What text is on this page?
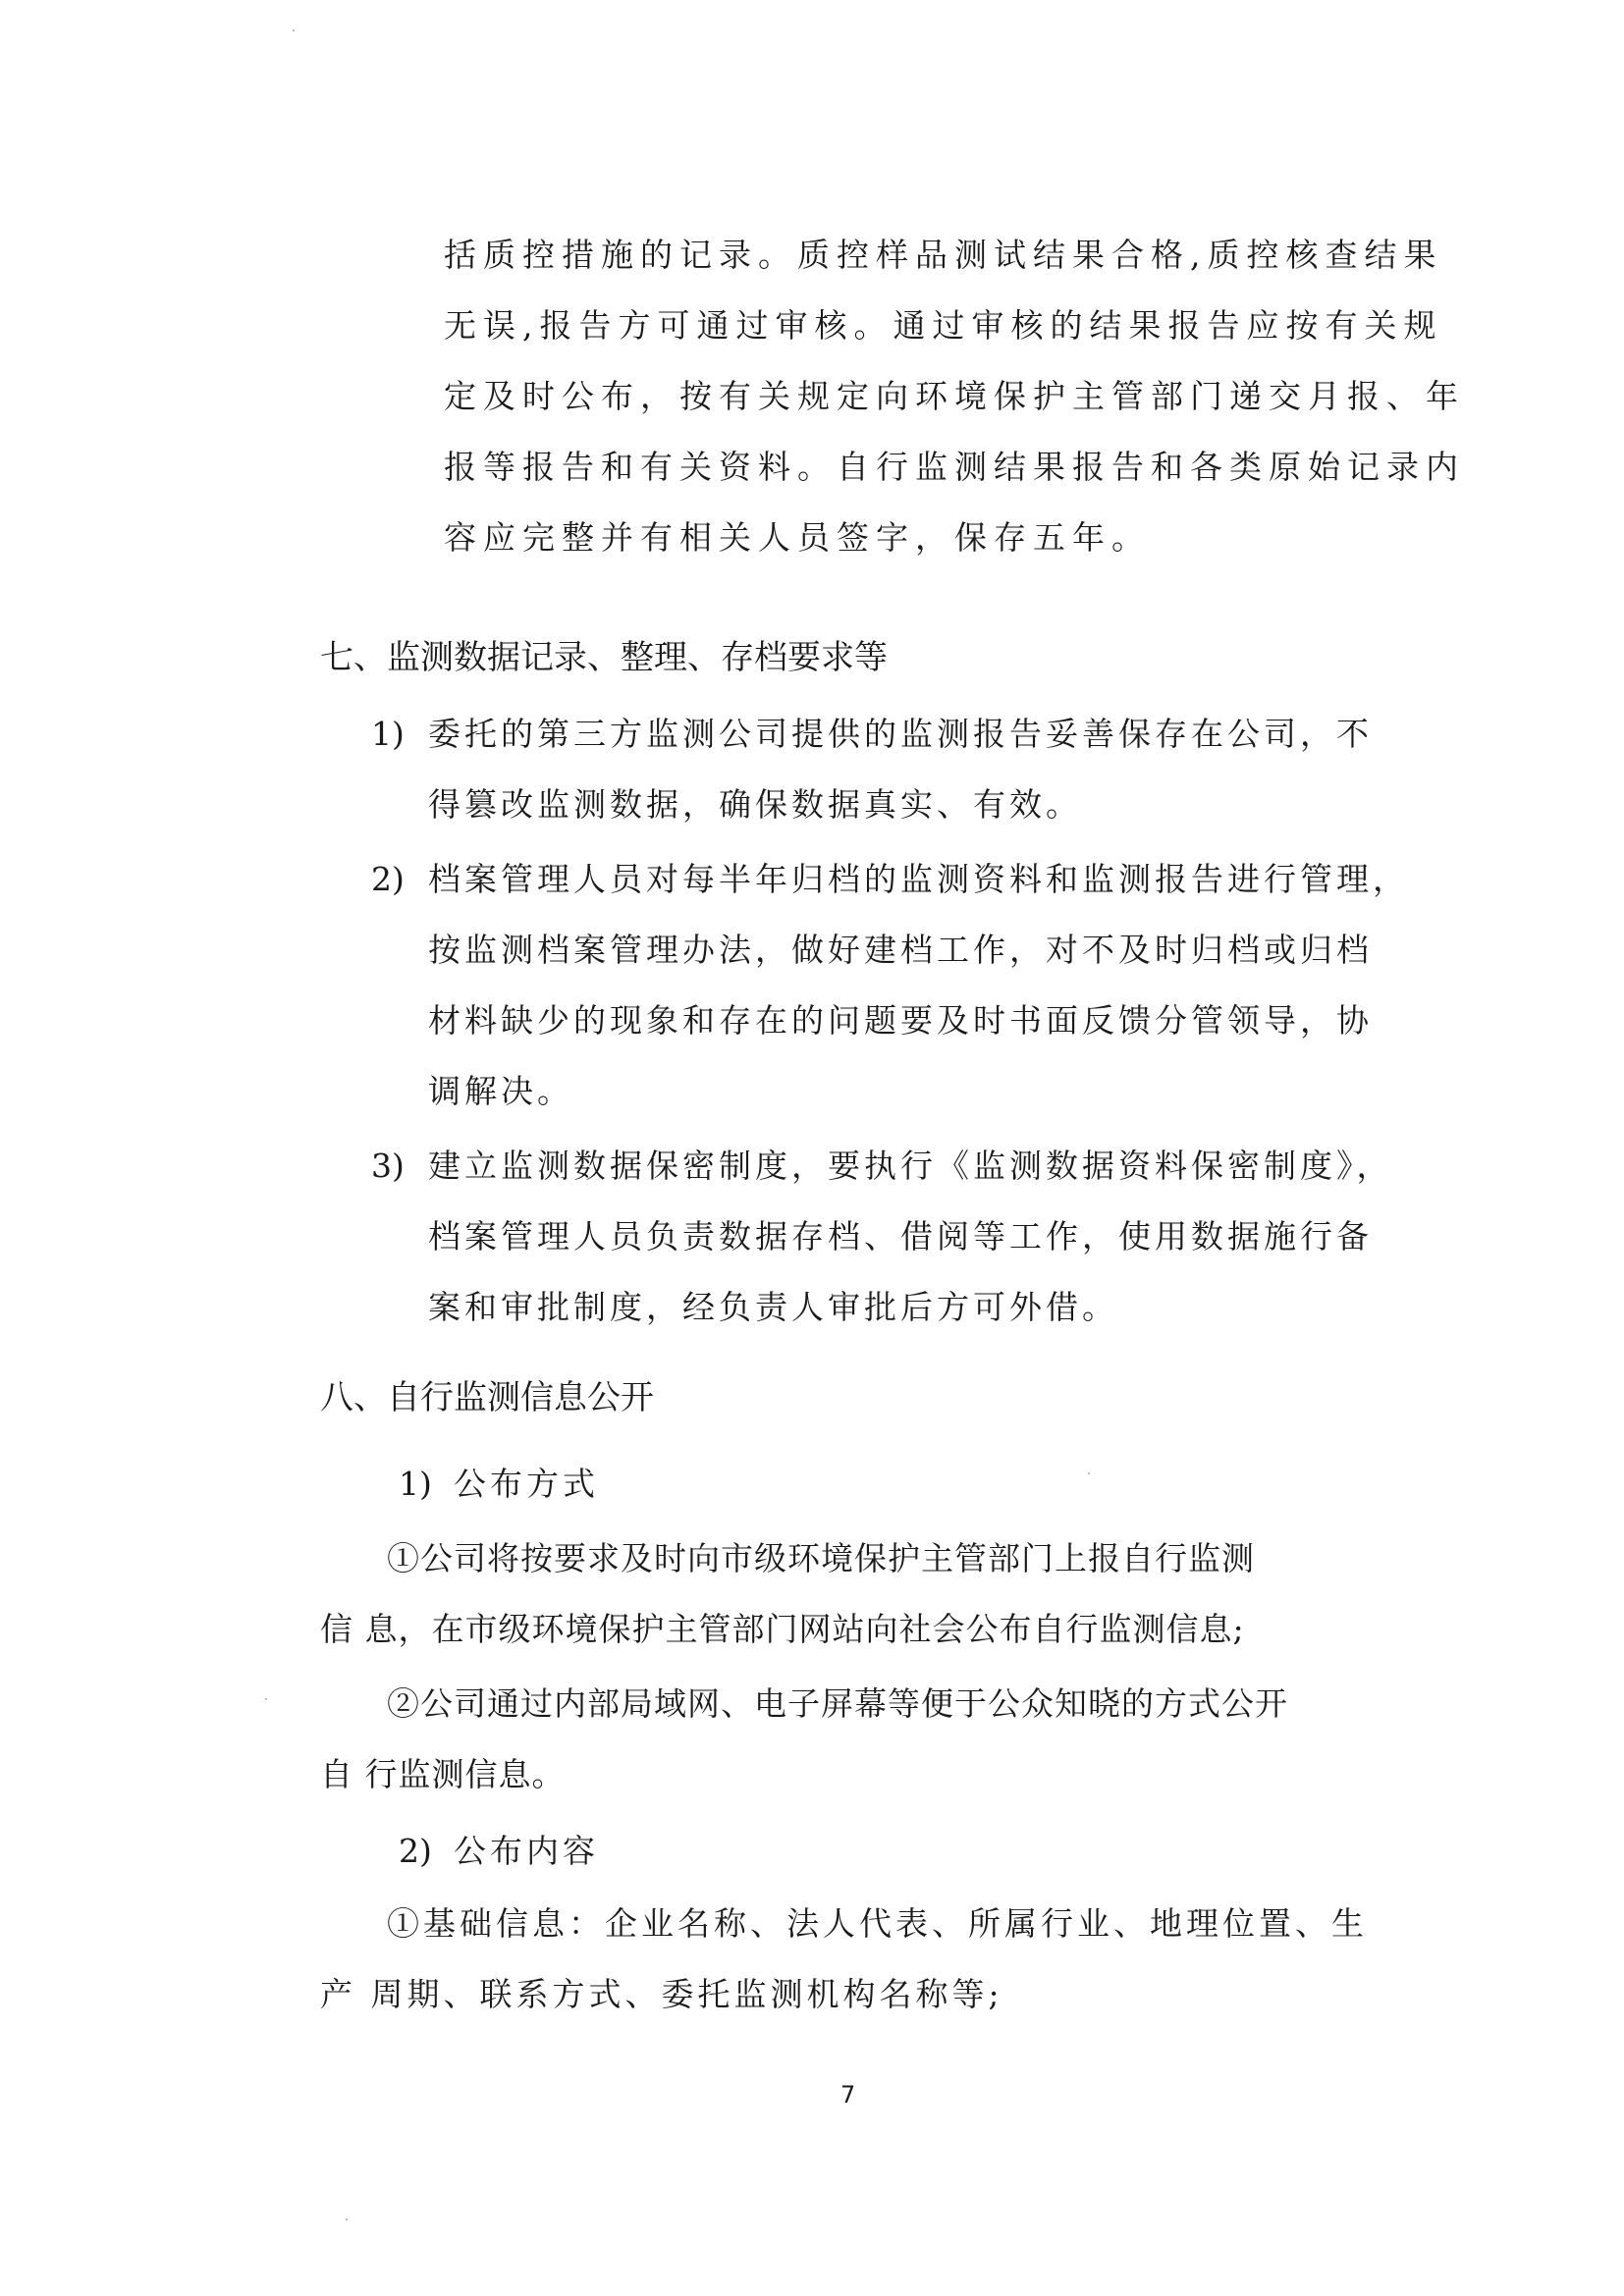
括质控措施的记录。质控样品测试结果合格,质控核查结果
无误,报告方可通过审核。通过审核的结果报告应按有关规
定及时公布，按有关规定向环境保护主管部门递交月报、年
报等报告和有关资料。自行监测结果报告和各类原始记录内
容应完整并有相关人员签字，保存五年。
七、监测数据记录、整理、存档要求等
1) 委托的第三方监测公司提供的监测报告妥善保存在公司，不
得篡改监测数据，确保数据真实、有效。
2) 档案管理人员对每半年归档的监测资料和监测报告进行管理，
按监测档案管理办法，做好建档工作，对不及时归档或归档
材料缺少的现象和存在的问题要及时书面反馈分管领导，协
调解决。
3) 建立监测数据保密制度，要执行《监测数据资料保密制度》，
档案管理人员负责数据存档、借阅等工作，使用数据施行备
案和审批制度，经负责人审批后方可外借。
八、自行监测信息公开
1) 公布方式
①公司将按要求及时向市级环境保护主管部门上报自行监测
信 息，在市级环境保护主管部门网站向社会公布自行监测信息;
②公司通过内部局域网、电子屏幕等便于公众知晓的方式公开
自 行监测信息。
2) 公布内容
①基础信息：企业名称、法人代表、所属行业、地理位置、生
产 周期、联系方式、委托监测机构名称等;
7
